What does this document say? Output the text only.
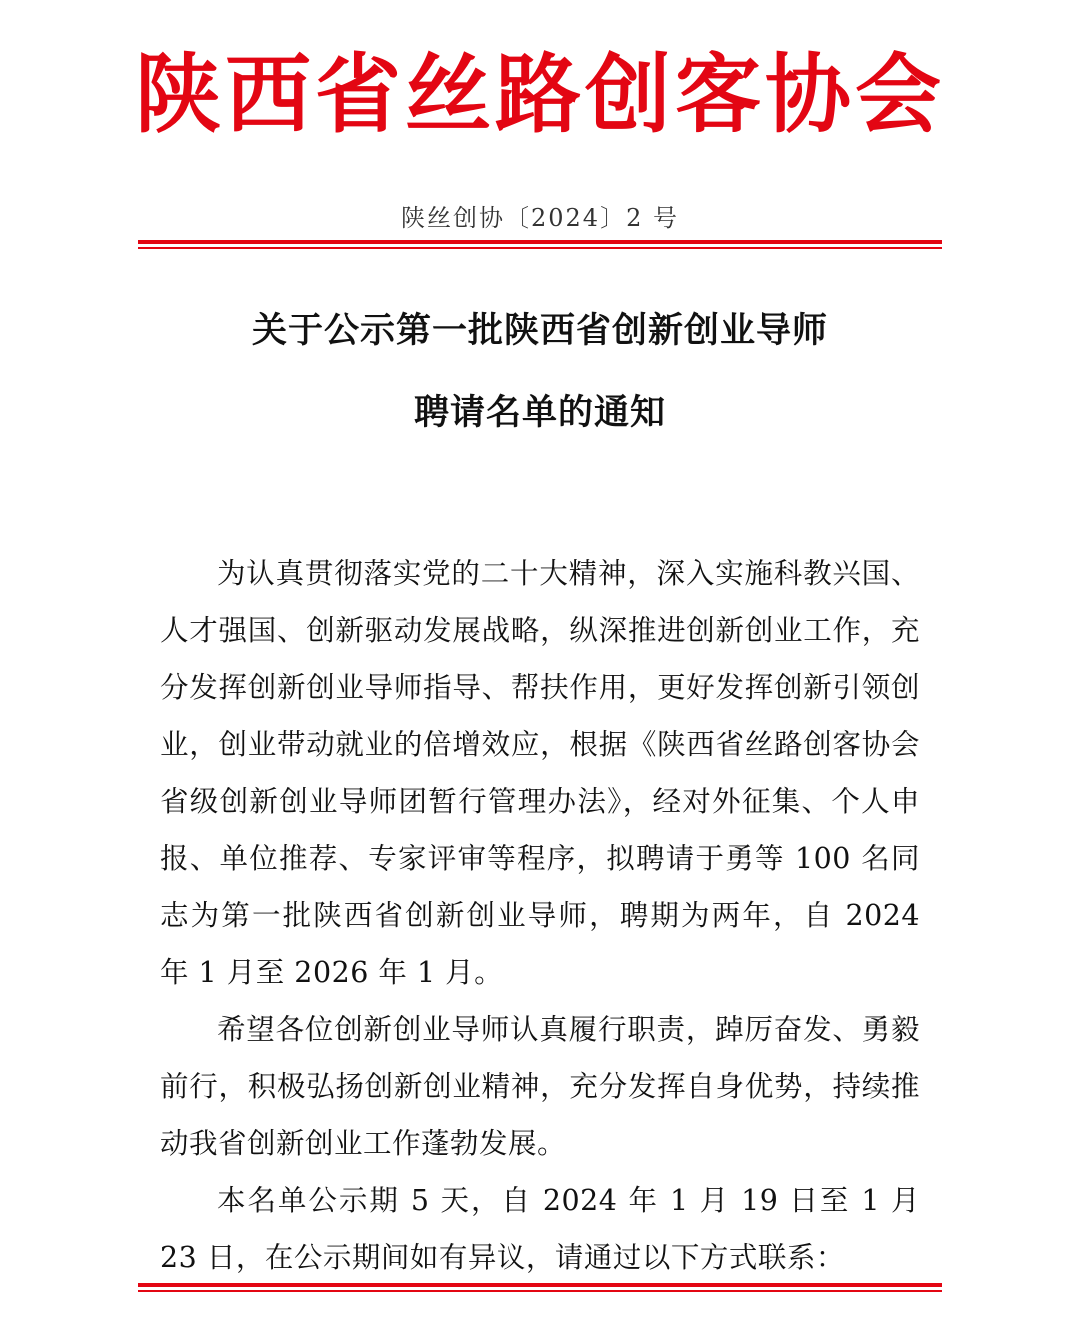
陕西省丝路创客协会
陕丝创协〔2024〕2 号
关于公示第一批陕西省创新创业导师
聘请名单的通知

为认真贯彻落实党的二十大精神，深入实施科教兴国、人才强国、创新驱动发展战略，纵深推进创新创业工作，充分发挥创新创业导师指导、帮扶作用，更好发挥创新引领创业，创业带动就业的倍增效应，根据《陕西省丝路创客协会省级创新创业导师团暂行管理办法》，经对外征集、个人申报、单位推荐、专家评审等程序，拟聘请于勇等 100 名同志为第一批陕西省创新创业导师，聘期为两年，自 2024 年 1 月至 2026 年 1 月。

希望各位创新创业导师认真履行职责，踔厉奋发、勇毅前行，积极弘扬创新创业精神，充分发挥自身优势，持续推动我省创新创业工作蓬勃发展。

本名单公示期 5 天，自 2024 年 1 月 19 日至 1 月 23 日，在公示期间如有异议，请通过以下方式联系：
